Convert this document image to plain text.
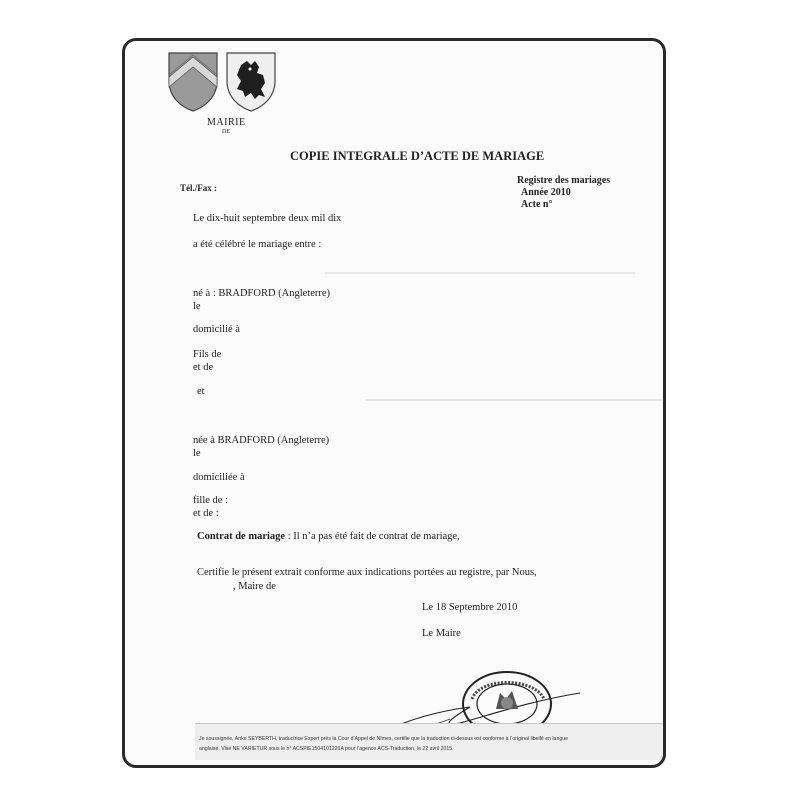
MAIRIE
DE
COPIE INTEGRALE D’ACTE DE MARIAGE
Tél./Fax :
Registre des mariages
Année 2010
Acte n°
Le dix-huit septembre deux mil dix
a été célébré le mariage entre :
né à : BRADFORD (Angleterre)
le
domicilié à
Fils de
et de
et
née à BRADFORD (Angleterre)
le
domiciliée à
fille de :
et de :
Contrat de mariage : Il n’a pas été fait de contrat de mariage,
Certifie le présent extrait conforme aux indications portées au registre, par Nous,
, Maire de
Le 18 Septembre 2010
Le Maire
Je soussignée, Anke SEYBERTH, traductrice Expert près la Cour d’Appel de Nîmes, certifie que la traduction ci-dessus est conforme à l’original libellé en langue
anglaise. Visé NE VARIETUR sous le n° ACSPIE1504101226A pour l’agence ACS-Traduction, le 22 avril 2015.
